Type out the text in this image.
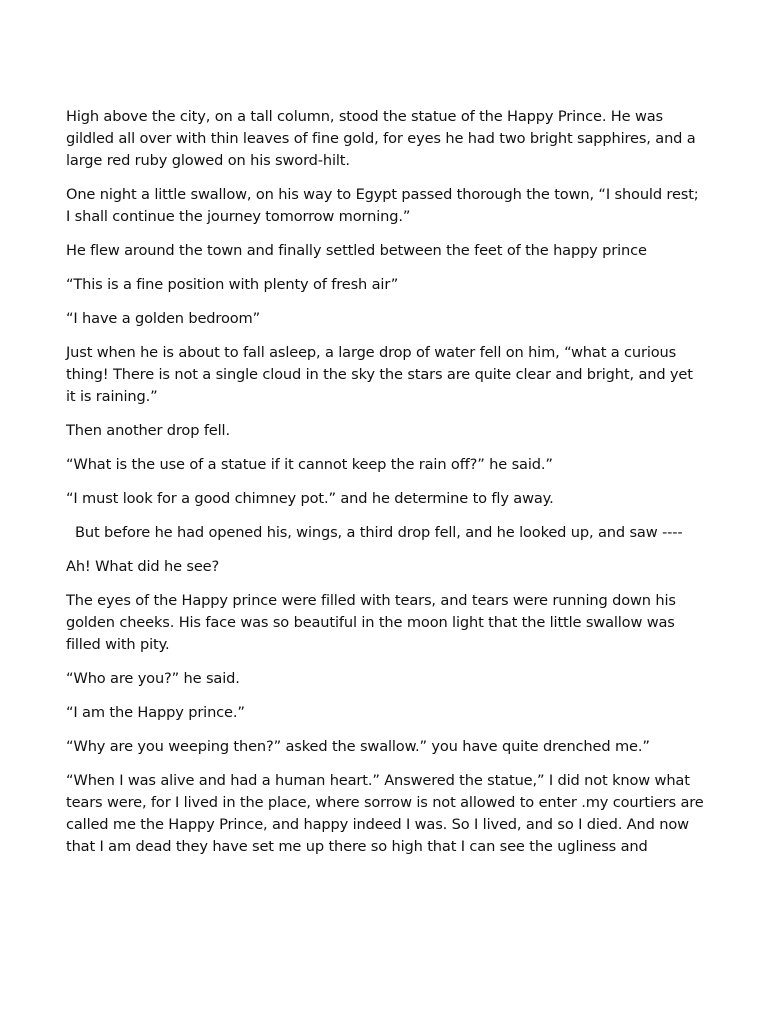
High above the city, on a tall column, stood the statue of the Happy Prince. He was gildled all over with thin leaves of fine gold, for eyes he had two bright sapphires, and a large red ruby glowed on his sword-hilt.

One night a little swallow, on his way to Egypt passed thorough the town, “I should rest; I shall continue the journey tomorrow morning.”

He flew around the town and finally settled between the feet of the happy prince

“This is a fine position with plenty of fresh air”

“I have a golden bedroom”

Just when he is about to fall asleep, a large drop of water fell on him, “what a curious thing! There is not a single cloud in the sky the stars are quite clear and bright, and yet it is raining.”

Then another drop fell.

“What is the use of a statue if it cannot keep the rain off?” he said.”

“I must look for a good chimney pot.” and he determine to fly away.

But before he had opened his, wings, a third drop fell, and he looked up, and saw ----

Ah! What did he see?

The eyes of the Happy prince were filled with tears, and tears were running down his golden cheeks. His face was so beautiful in the moon light that the little swallow was filled with pity.

“Who are you?” he said.

“I am the Happy prince.”

“Why are you weeping then?” asked the swallow.” you have quite drenched me.”

“When I was alive and had a human heart.” Answered the statue,” I did not know what tears were, for I lived in the place, where sorrow is not allowed to enter .my courtiers are called me the Happy Prince, and happy indeed I was. So I lived, and so I died. And now that I am dead they have set me up there so high that I can see the ugliness and
